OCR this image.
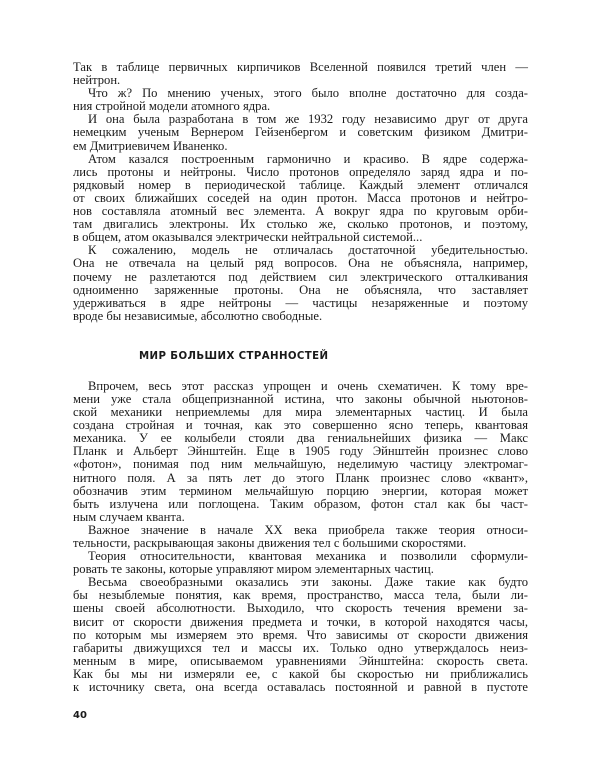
Так в таблице первичных кирпичиков Вселенной появился третий член —
нейтрон.
Что ж? По мнению ученых, этого было вполне достаточно для созда-
ния стройной модели атомного ядра.
И она была разработана в том же 1932 году независимо друг от друга
немецким ученым Вернером Гейзенбергом и советским физиком Дмитри-
ем Дмитриевичем Иваненко.
Атом казался построенным гармонично и красиво. В ядре содержа-
лись протоны и нейтроны. Число протонов определяло заряд ядра и по-
рядковый номер в периодической таблице. Каждый элемент отличался
от своих ближайших соседей на один протон. Масса протонов и нейтро-
нов составляла атомный вес элемента. А вокруг ядра по круговым орби-
там двигались электроны. Их столько же, сколько протонов, и поэтому,
в общем, атом оказывался электрически нейтральной системой...
К сожалению, модель не отличалась достаточной убедительностью.
Она не отвечала на целый ряд вопросов. Она не объясняла, например,
почему не разлетаются под действием сил электрического отталкивания
одноименно заряженные протоны. Она не объясняла, что заставляет
удерживаться в ядре нейтроны — частицы незаряженные и поэтому
вроде бы независимые, абсолютно свободные.
МИР БОЛЬШИХ СТРАННОСТЕЙ
Впрочем, весь этот рассказ упрощен и очень схематичен. К тому вре-
мени уже стала общепризнанной истина, что законы обычной ньютонов-
ской механики неприемлемы для мира элементарных частиц. И была
создана стройная и точная, как это совершенно ясно теперь, квантовая
механика. У ее колыбели стояли два гениальнейших физика — Макс
Планк и Альберт Эйнштейн. Еще в 1905 году Эйнштейн произнес слово
«фотон», понимая под ним мельчайшую, неделимую частицу электромаг-
нитного поля. А за пять лет до этого Планк произнес слово «квант»,
обозначив этим термином мельчайшую порцию энергии, которая может
быть излучена или поглощена. Таким образом, фотон стал как бы част-
ным случаем кванта.
Важное значение в начале XX века приобрела также теория относи-
тельности, раскрывающая законы движения тел с большими скоростями.
Теория относительности, квантовая механика и позволили сформули-
ровать те законы, которые управляют миром элементарных частиц.
Весьма своеобразными оказались эти законы. Даже такие как будто
бы незыблемые понятия, как время, пространство, масса тела, были ли-
шены своей абсолютности. Выходило, что скорость течения времени за-
висит от скорости движения предмета и точки, в которой находятся часы,
по которым мы измеряем это время. Что зависимы от скорости движения
габариты движущихся тел и массы их. Только одно утверждалось неиз-
менным в мире, описываемом уравнениями Эйнштейна: скорость света.
Как бы мы ни измеряли ее, с какой бы скоростью ни приближались
к источнику света, она всегда оставалась постоянной и равной в пустоте
40
